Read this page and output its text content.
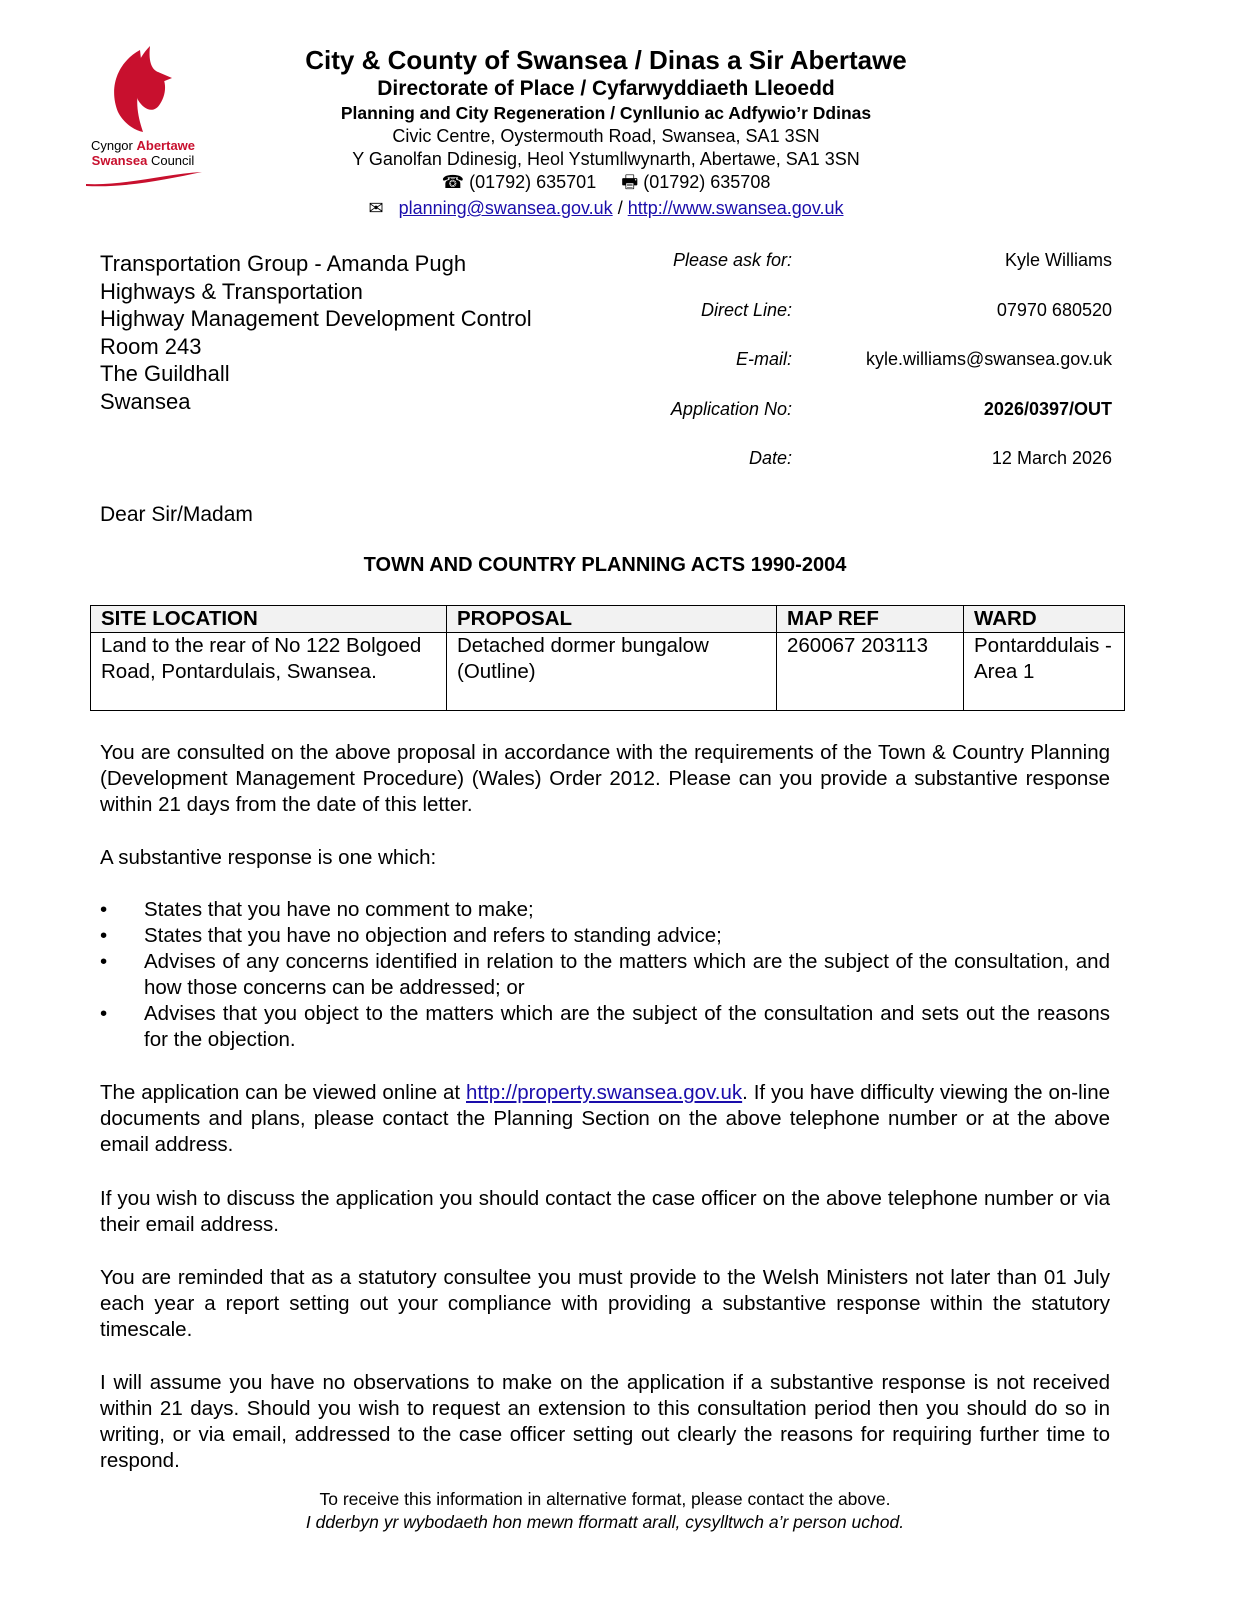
Cyngor Abertawe
Swansea Council
City & County of Swansea / Dinas a Sir Abertawe
Directorate of Place / Cyfarwyddiaeth Lleoedd
Planning and City Regeneration / Cynllunio ac Adfywio’r Ddinas
Civic Centre, Oystermouth Road, Swansea, SA1 3SN
Y Ganolfan Ddinesig, Heol Ystumllwynarth, Abertawe, SA1 3SN
☎ (01792) 635701 🖶 (01792) 635708
✉ planning@swansea.gov.uk / http://www.swansea.gov.uk
Transportation Group - Amanda Pugh
Highways & Transportation
Highway Management Development Control
Room 243
The Guildhall
Swansea
Please ask for:	Kyle Williams
Direct Line:	07970 680520
E-mail:	kyle.williams@swansea.gov.uk
Application No:	2026/0397/OUT
Date:	12 March 2026
Dear Sir/Madam
TOWN AND COUNTRY PLANNING ACTS 1990-2004
SITE LOCATION	PROPOSAL	MAP REF	WARD
Land to the rear of No 122 Bolgoed Road, Pontardulais, Swansea.	Detached dormer bungalow (Outline)	260067 203113	Pontarddulais - Area 1
You are consulted on the above proposal in accordance with the requirements of the Town & Country Planning (Development Management Procedure) (Wales) Order 2012. Please can you provide a substantive response within 21 days from the date of this letter.
A substantive response is one which:
• States that you have no comment to make;
• States that you have no objection and refers to standing advice;
• Advises of any concerns identified in relation to the matters which are the subject of the consultation, and how those concerns can be addressed; or
• Advises that you object to the matters which are the subject of the consultation and sets out the reasons for the objection.
The application can be viewed online at http://property.swansea.gov.uk. If you have difficulty viewing the on-line documents and plans, please contact the Planning Section on the above telephone number or at the above email address.
If you wish to discuss the application you should contact the case officer on the above telephone number or via their email address.
You are reminded that as a statutory consultee you must provide to the Welsh Ministers not later than 01 July each year a report setting out your compliance with providing a substantive response within the statutory timescale.
I will assume you have no observations to make on the application if a substantive response is not received within 21 days. Should you wish to request an extension to this consultation period then you should do so in writing, or via email, addressed to the case officer setting out clearly the reasons for requiring further time to respond.
To receive this information in alternative format, please contact the above.
I dderbyn yr wybodaeth hon mewn fformatt arall, cysylltwch a’r person uchod.
